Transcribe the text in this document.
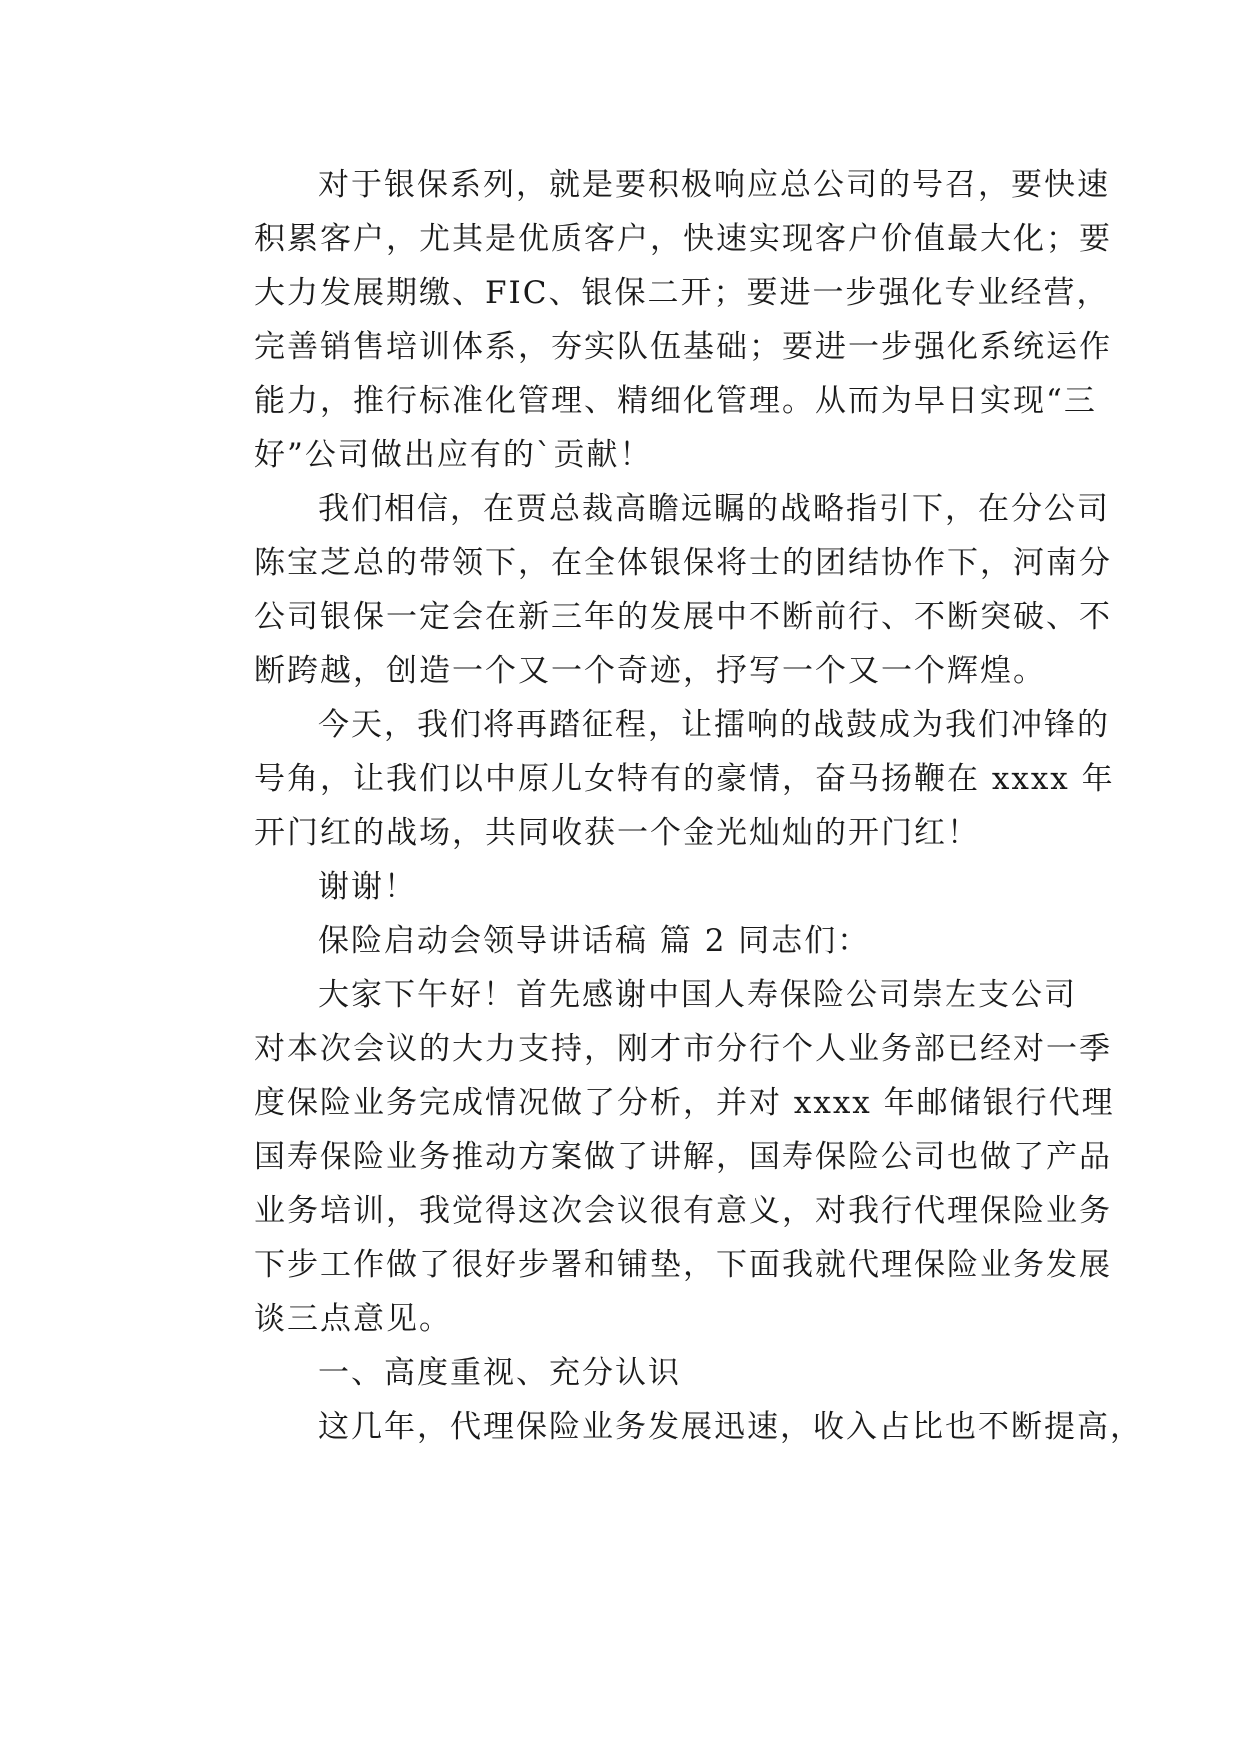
对于银保系列，就是要积极响应总公司的号召，要快速
积累客户，尤其是优质客户，快速实现客户价值最大化；要
大力发展期缴、FIC、银保二开；要进一步强化专业经营，
完善销售培训体系，夯实队伍基础；要进一步强化系统运作
能力，推行标准化管理、精细化管理。从而为早日实现“三
好”公司做出应有的`贡献！
我们相信，在贾总裁高瞻远瞩的战略指引下，在分公司
陈宝芝总的带领下，在全体银保将士的团结协作下，河南分
公司银保一定会在新三年的发展中不断前行、不断突破、不
断跨越，创造一个又一个奇迹，抒写一个又一个辉煌。
今天，我们将再踏征程，让擂响的战鼓成为我们冲锋的
号角，让我们以中原儿女特有的豪情，奋马扬鞭在 xxxx 年
开门红的战场，共同收获一个金光灿灿的开门红！
谢谢！
保险启动会领导讲话稿 篇 2 同志们：
大家下午好！首先感谢中国人寿保险公司崇左支公司
对本次会议的大力支持，刚才市分行个人业务部已经对一季
度保险业务完成情况做了分析，并对 xxxx 年邮储银行代理
国寿保险业务推动方案做了讲解，国寿保险公司也做了产品
业务培训，我觉得这次会议很有意义，对我行代理保险业务
下步工作做了很好步署和铺垫，下面我就代理保险业务发展
谈三点意见。
一、高度重视、充分认识
这几年，代理保险业务发展迅速，收入占比也不断提高，
